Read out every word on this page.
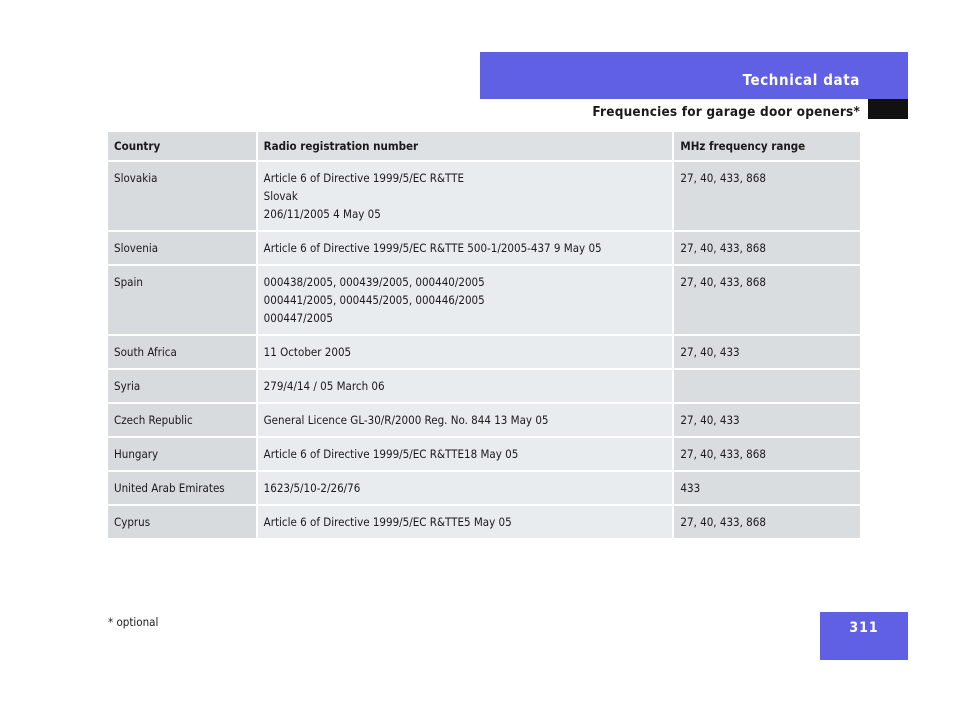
Technical data
Frequencies for garage door openers*
Country	Radio registration number	MHz frequency range
Slovakia	Article 6 of Directive 1999/5/EC R&TTE
Slovak
206/11/2005 4 May 05	27, 40, 433, 868
Slovenia	Article 6 of Directive 1999/5/EC R&TTE 500-1/2005-437 9 May 05	27, 40, 433, 868
Spain	000438/2005, 000439/2005, 000440/2005
000441/2005, 000445/2005, 000446/2005
000447/2005	27, 40, 433, 868
South Africa	11 October 2005	27, 40, 433
Syria	279/4/14 / 05 March 06	

Czech Republic	General Licence GL-30/R/2000 Reg. No. 844 13 May 05	27, 40, 433
Hungary	Article 6 of Directive 1999/5/EC R&TTE18 May 05	27, 40, 433, 868
United Arab Emirates	1623/5/10-2/26/76	433
Cyprus	Article 6 of Directive 1999/5/EC R&TTE5 May 05	27, 40, 433, 868
* optional	311
